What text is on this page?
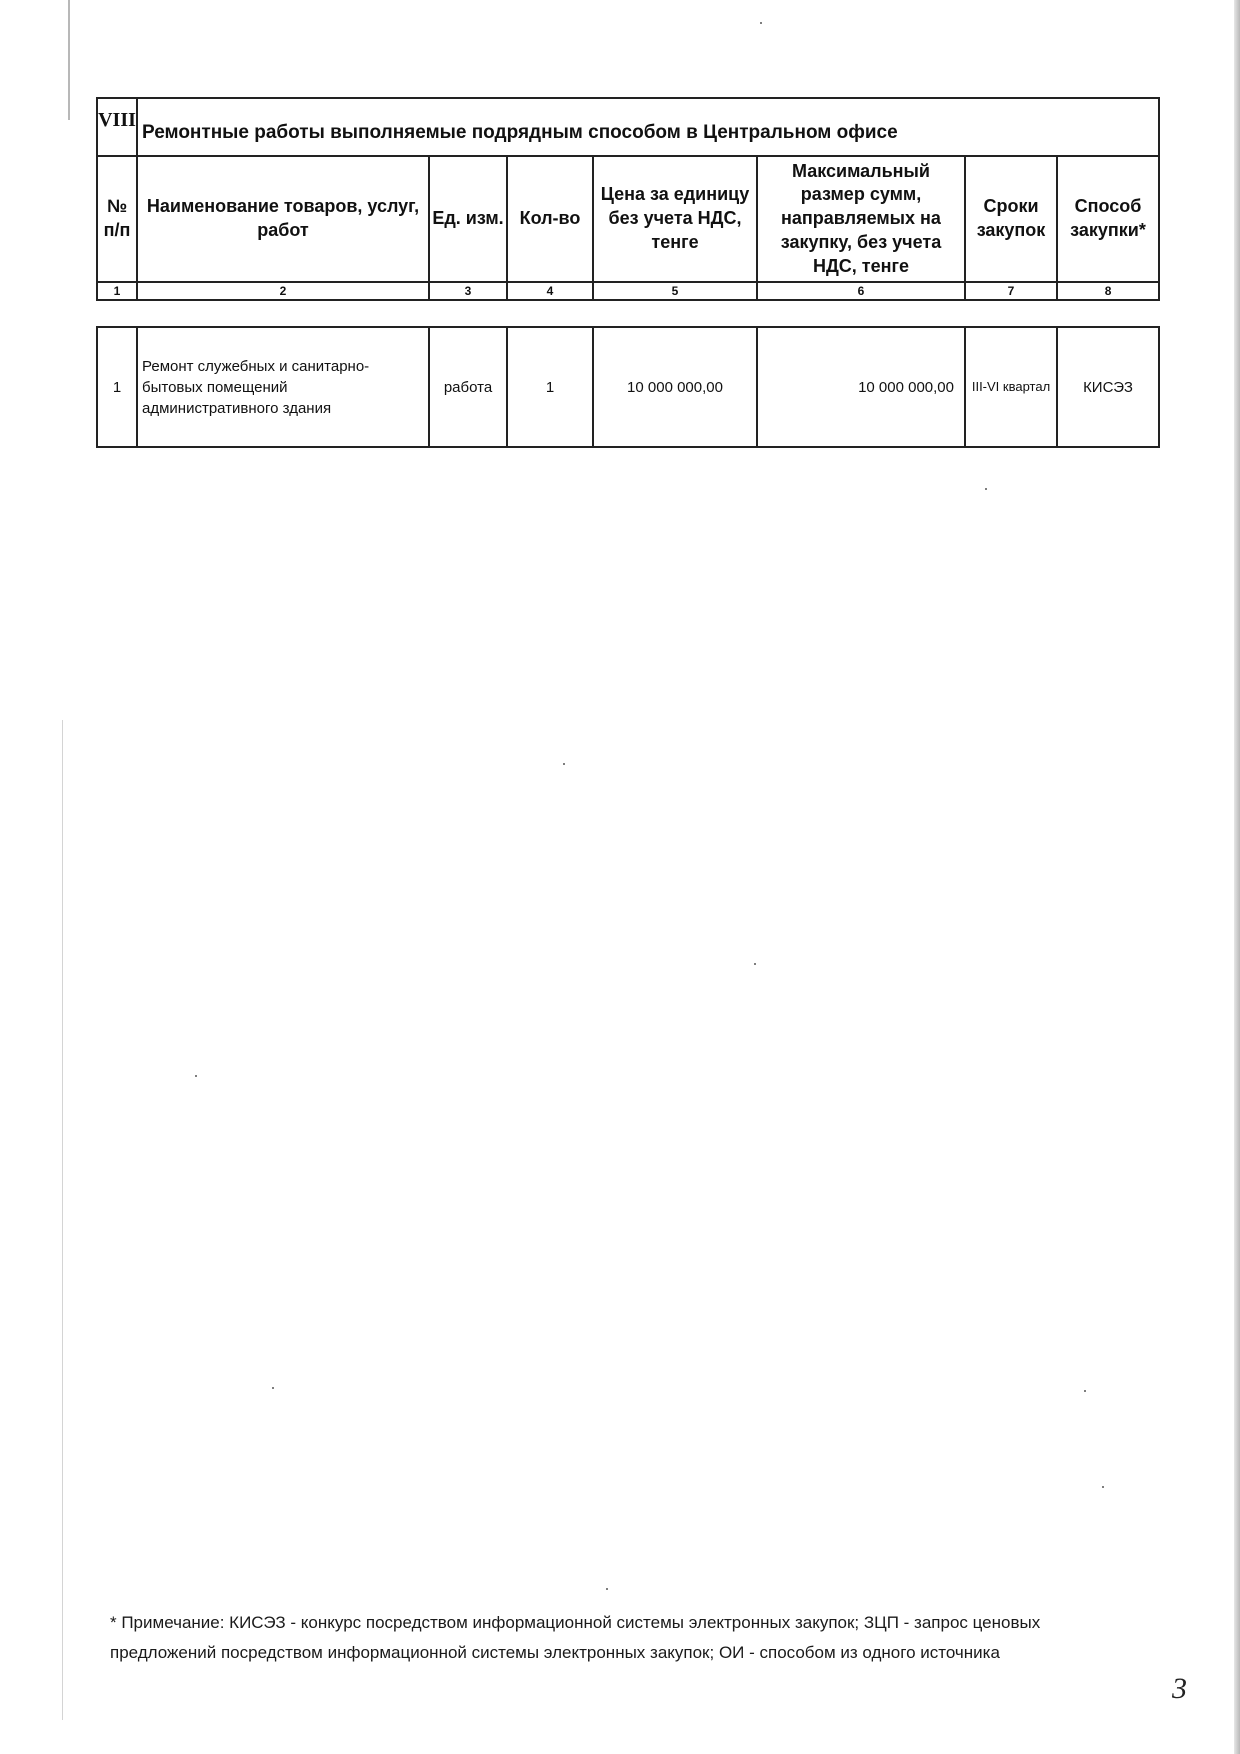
VIII	Ремонтные работы выполняемые подрядным способом в Центральном офисе						
№ п/п	Наименование товаров, услуг, работ	Ед. изм.	Кол-во	Цена за единицу без учета НДС, тенге	Максимальный размер сумм, направляемых на закупку, без учета НДС, тенге	Сроки закупок	Способ закупки*
1	2	3	4	5	6	7	8
1	Ремонт служебных и санитарно-бытовых помещений административного здания	работа	1	10 000 000,00	10 000 000,00	III-VI квартал	КИСЭЗ
* Примечание: КИСЭЗ - конкурс посредством информационной системы электронных закупок; ЗЦП - запрос ценовых предложений посредством информационной системы электронных закупок; ОИ - способом из одного источника
3
